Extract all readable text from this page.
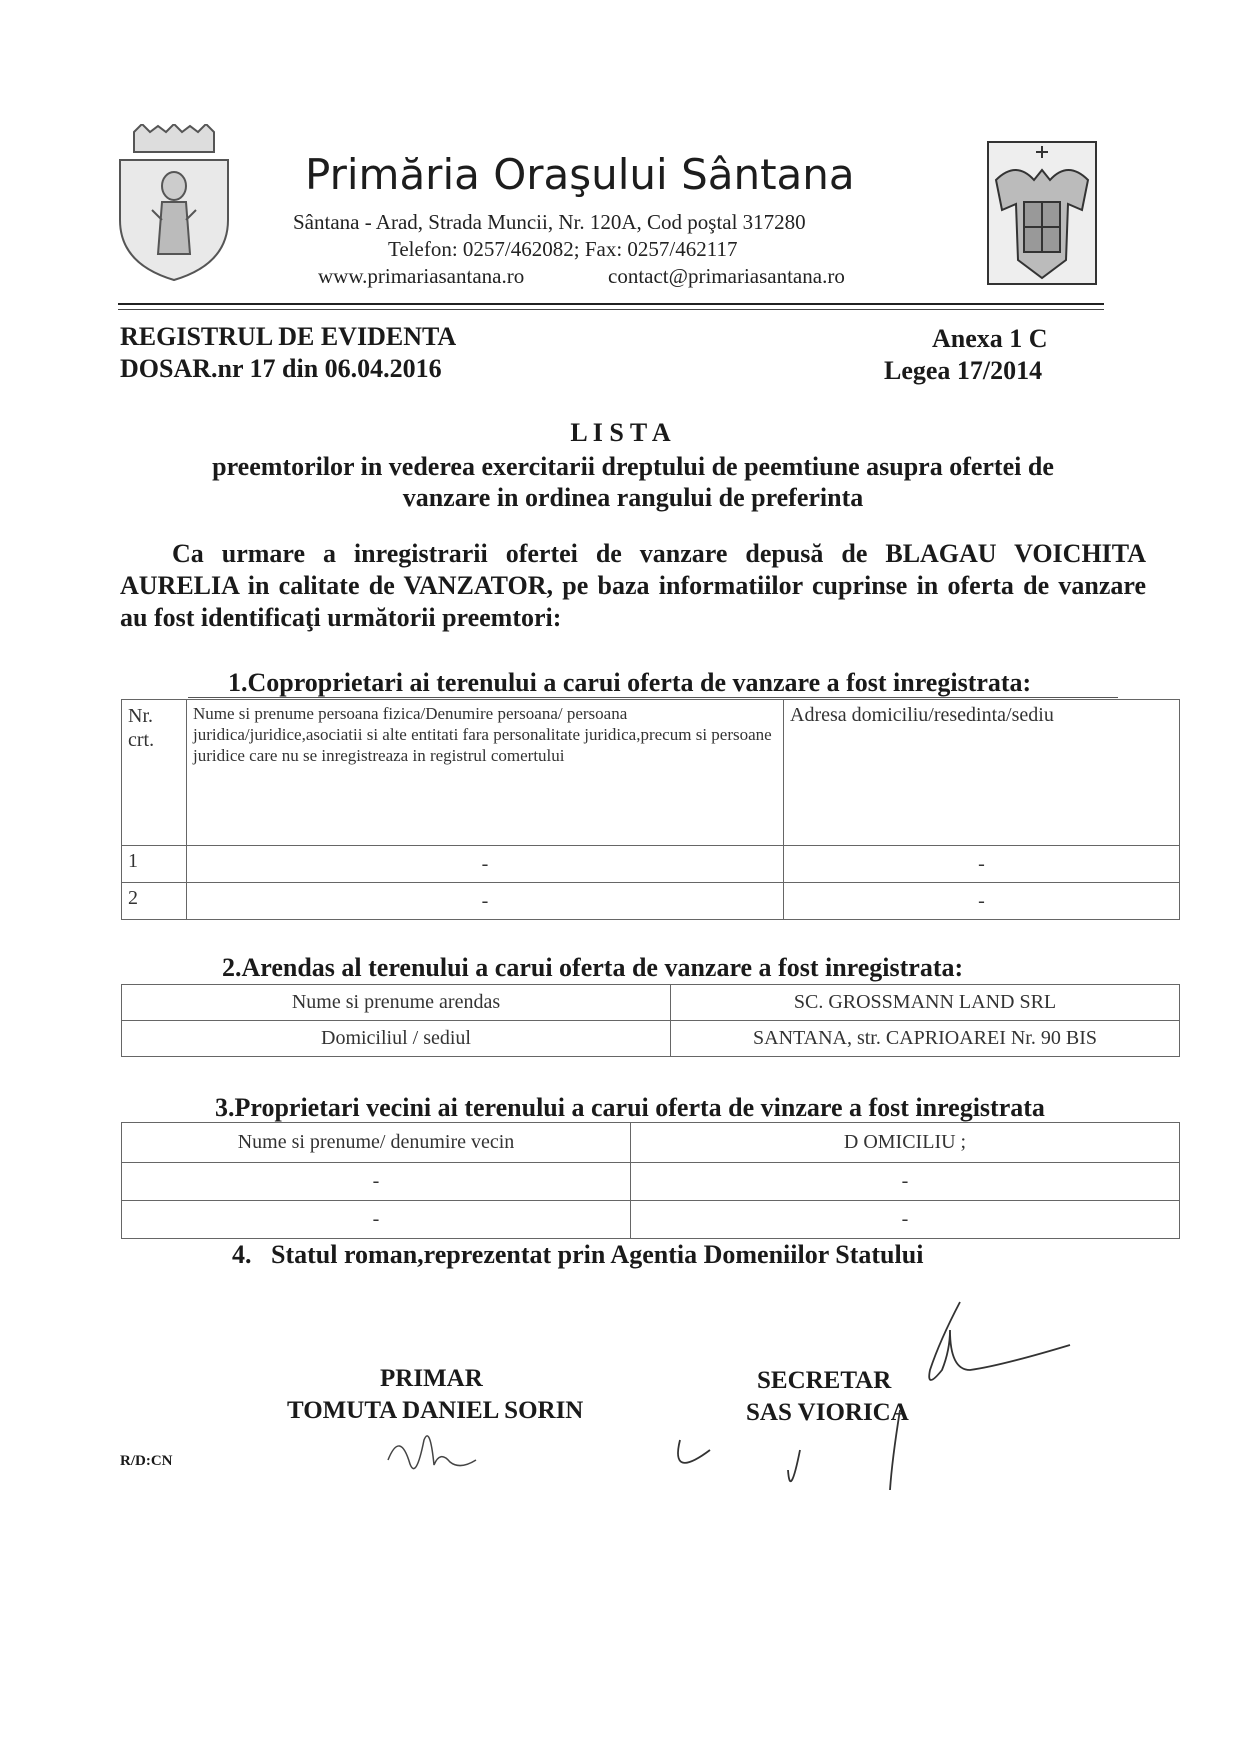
Primăria Oraşului Sântana
Sântana - Arad, Strada Muncii, Nr. 120A, Cod poştal 317280
Telefon: 0257/462082; Fax: 0257/462117
www.primariasantana.ro	contact@primariasantana.ro
REGISTRUL DE EVIDENTA
DOSAR.nr 17 din 06.04.2016
Anexa 1 C
Legea 17/2014
L I S T A
preemtorilor in vederea exercitarii dreptului de peemtiune asupra ofertei de
vanzare in ordinea rangului de preferinta
Ca urmare a inregistrarii ofertei de vanzare depusă de BLAGAU VOICHITA AURELIA in calitate de VANZATOR, pe baza informatiilor cuprinse in oferta de vanzare au fost identificaţi următorii preemtori:
1.Coproprietari ai terenului a carui oferta de vanzare a fost inregistrata:
Nr. crt.	Nume si prenume persoana fizica/Denumire persoana/ persoana juridica/juridice,asociatii si alte entitati fara personalitate juridica,precum si persoane juridice care nu se inregistreaza in registrul comertului	Adresa domiciliu/resedinta/sediu
1	-	-
2	-	-
2.Arendas al terenului a carui oferta de vanzare a fost inregistrata:
Nume si prenume arendas	SC. GROSSMANN LAND SRL
Domiciliul / sediul	SANTANA, str. CAPRIOAREI Nr. 90 BIS
3.Proprietari vecini ai terenului a carui oferta de vinzare a fost inregistrata
Nume si prenume/ denumire vecin	D OMICILIU ;
-	-
-	-
4.   Statul roman,reprezentat prin Agentia Domeniilor Statului
PRIMAR
TOMUTA DANIEL SORIN
SECRETAR
SAS VIORICA
R/D:CN
